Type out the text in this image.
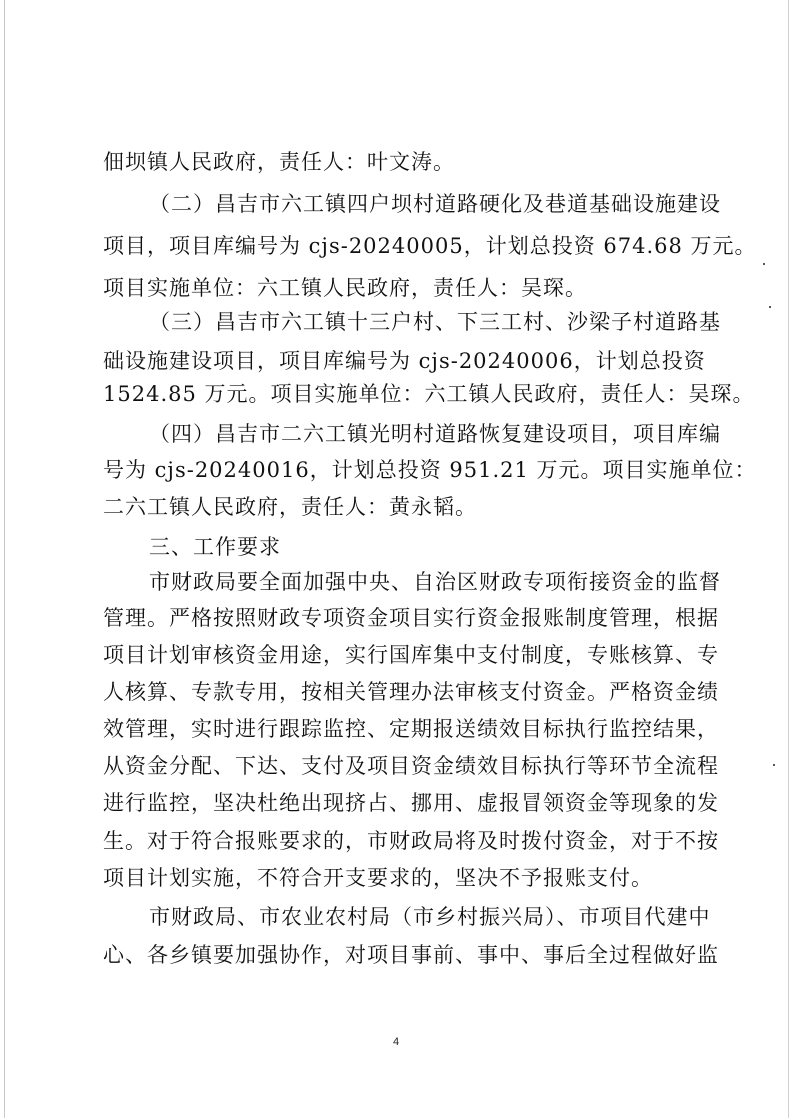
佃坝镇人民政府，责任人：叶文涛。
（二）昌吉市六工镇四户坝村道路硬化及巷道基础设施建设
项目，项目库编号为 cjs-20240005，计划总投资 674.68 万元。
项目实施单位：六工镇人民政府，责任人：吴琛。
（三）昌吉市六工镇十三户村、下三工村、沙梁子村道路基
础设施建设项目，项目库编号为 cjs-20240006，计划总投资
1524.85 万元。项目实施单位：六工镇人民政府，责任人：吴琛。
（四）昌吉市二六工镇光明村道路恢复建设项目，项目库编
号为 cjs-20240016，计划总投资 951.21 万元。项目实施单位：
二六工镇人民政府，责任人：黄永韬。
三、工作要求
市财政局要全面加强中央、自治区财政专项衔接资金的监督
管理。严格按照财政专项资金项目实行资金报账制度管理，根据
项目计划审核资金用途，实行国库集中支付制度，专账核算、专
人核算、专款专用，按相关管理办法审核支付资金。严格资金绩
效管理，实时进行跟踪监控、定期报送绩效目标执行监控结果，
从资金分配、下达、支付及项目资金绩效目标执行等环节全流程
进行监控，坚决杜绝出现挤占、挪用、虚报冒领资金等现象的发
生。对于符合报账要求的，市财政局将及时拨付资金，对于不按
项目计划实施，不符合开支要求的，坚决不予报账支付。
市财政局、市农业农村局（市乡村振兴局）、市项目代建中
心、各乡镇要加强协作，对项目事前、事中、事后全过程做好监
4
